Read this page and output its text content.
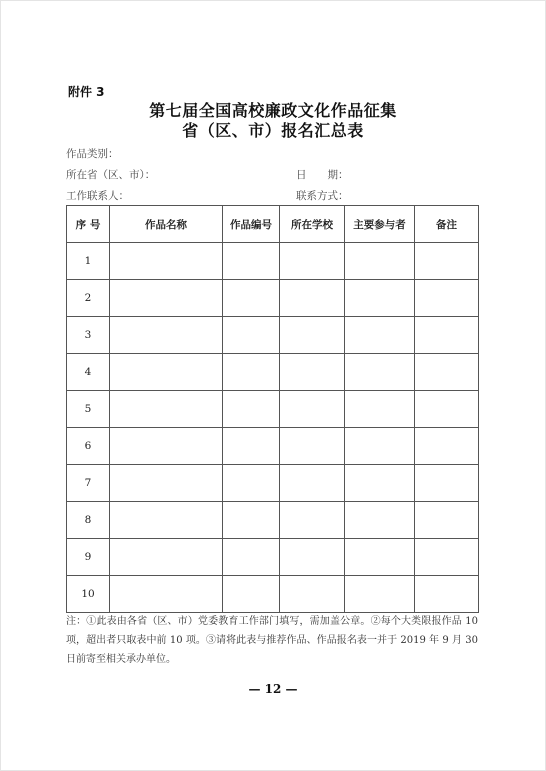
附件 3
第七届全国高校廉政文化作品征集
省（区、市）报名汇总表
作品类别：
所在省（区、市）：	日　　期：
工作联系人：	联系方式：
序 号	作品名称	作品编号	所在学校	主要参与者	备注
1					
2					
3					
4					
5					
6					
7					
8					
9					
10					
注：①此表由各省（区、市）党委教育工作部门填写，需加盖公章。②每个大类限报作品 10 项，超出者只取表中前 10 项。③请将此表与推荐作品、作品报名表一并于 2019 年 9 月 30 日前寄至相关承办单位。
— 12 —
